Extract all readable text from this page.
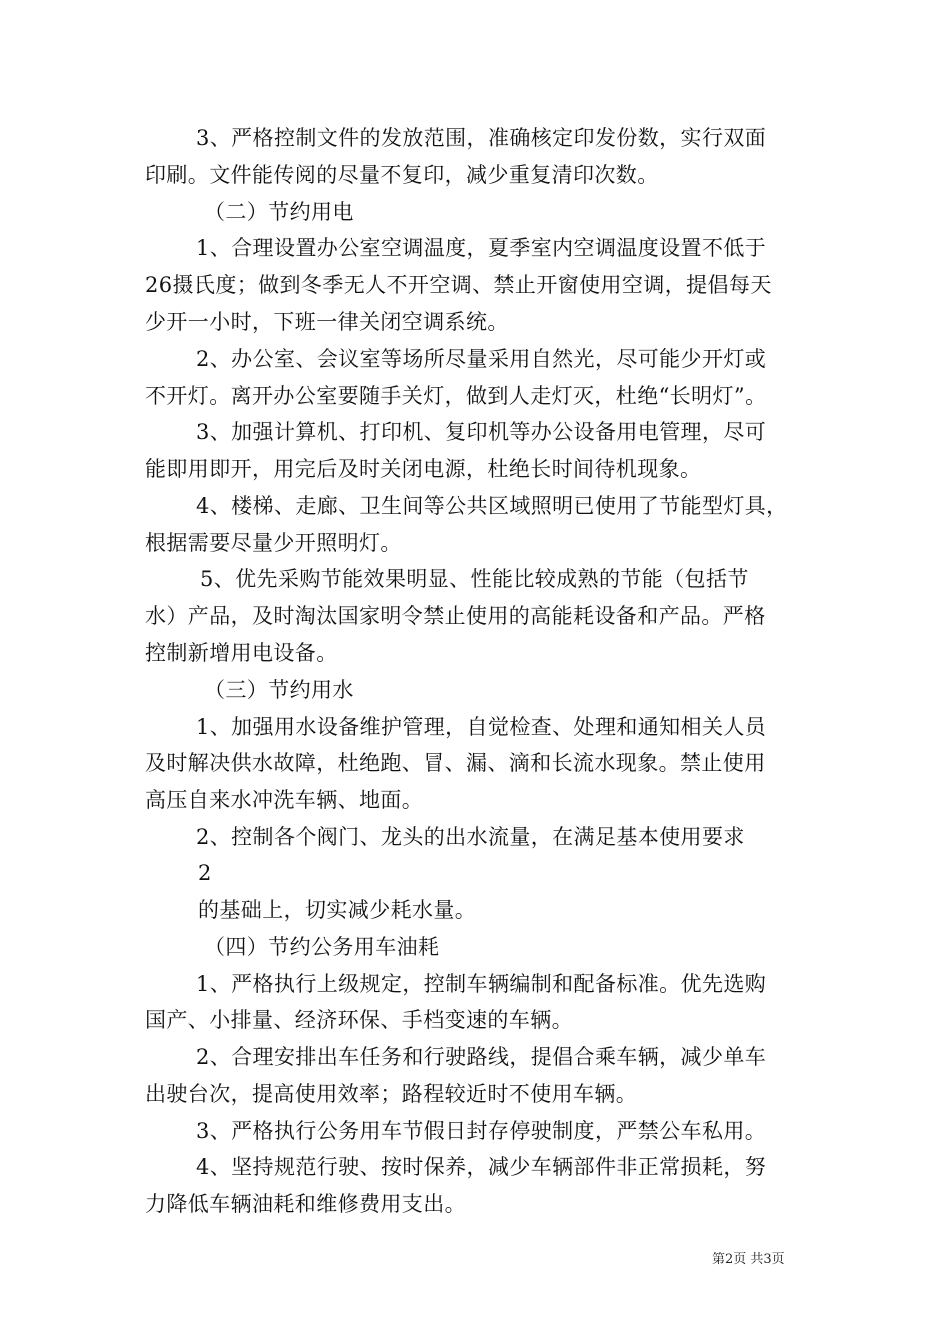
3、严格控制文件的发放范围，准确核定印发份数，实行双面
印刷。文件能传阅的尽量不复印，减少重复清印次数。
（二）节约用电
1、合理设置办公室空调温度，夏季室内空调温度设置不低于
26摄氏度；做到冬季无人不开空调、禁止开窗使用空调，提倡每天
少开一小时，下班一律关闭空调系统。
2、办公室、会议室等场所尽量采用自然光，尽可能少开灯或
不开灯。离开办公室要随手关灯，做到人走灯灭，杜绝“长明灯”。
3、加强计算机、打印机、复印机等办公设备用电管理，尽可
能即用即开，用完后及时关闭电源，杜绝长时间待机现象。
4、楼梯、走廊、卫生间等公共区域照明已使用了节能型灯具，
根据需要尽量少开照明灯。
5、优先采购节能效果明显、性能比较成熟的节能（包括节
水）产品，及时淘汰国家明令禁止使用的高能耗设备和产品。严格
控制新增用电设备。
（三）节约用水
1、加强用水设备维护管理，自觉检查、处理和通知相关人员
及时解决供水故障，杜绝跑、冒、漏、滴和长流水现象。禁止使用
高压自来水冲洗车辆、地面。
2、控制各个阀门、龙头的出水流量，在满足基本使用要求
2
的基础上，切实减少耗水量。
（四）节约公务用车油耗
1、严格执行上级规定，控制车辆编制和配备标准。优先选购
国产、小排量、经济环保、手档变速的车辆。
2、合理安排出车任务和行驶路线，提倡合乘车辆，减少单车
出驶台次，提高使用效率；路程较近时不使用车辆。
3、严格执行公务用车节假日封存停驶制度，严禁公车私用。
4、坚持规范行驶、按时保养，减少车辆部件非正常损耗，努
力降低车辆油耗和维修费用支出。
第2页 共3页
